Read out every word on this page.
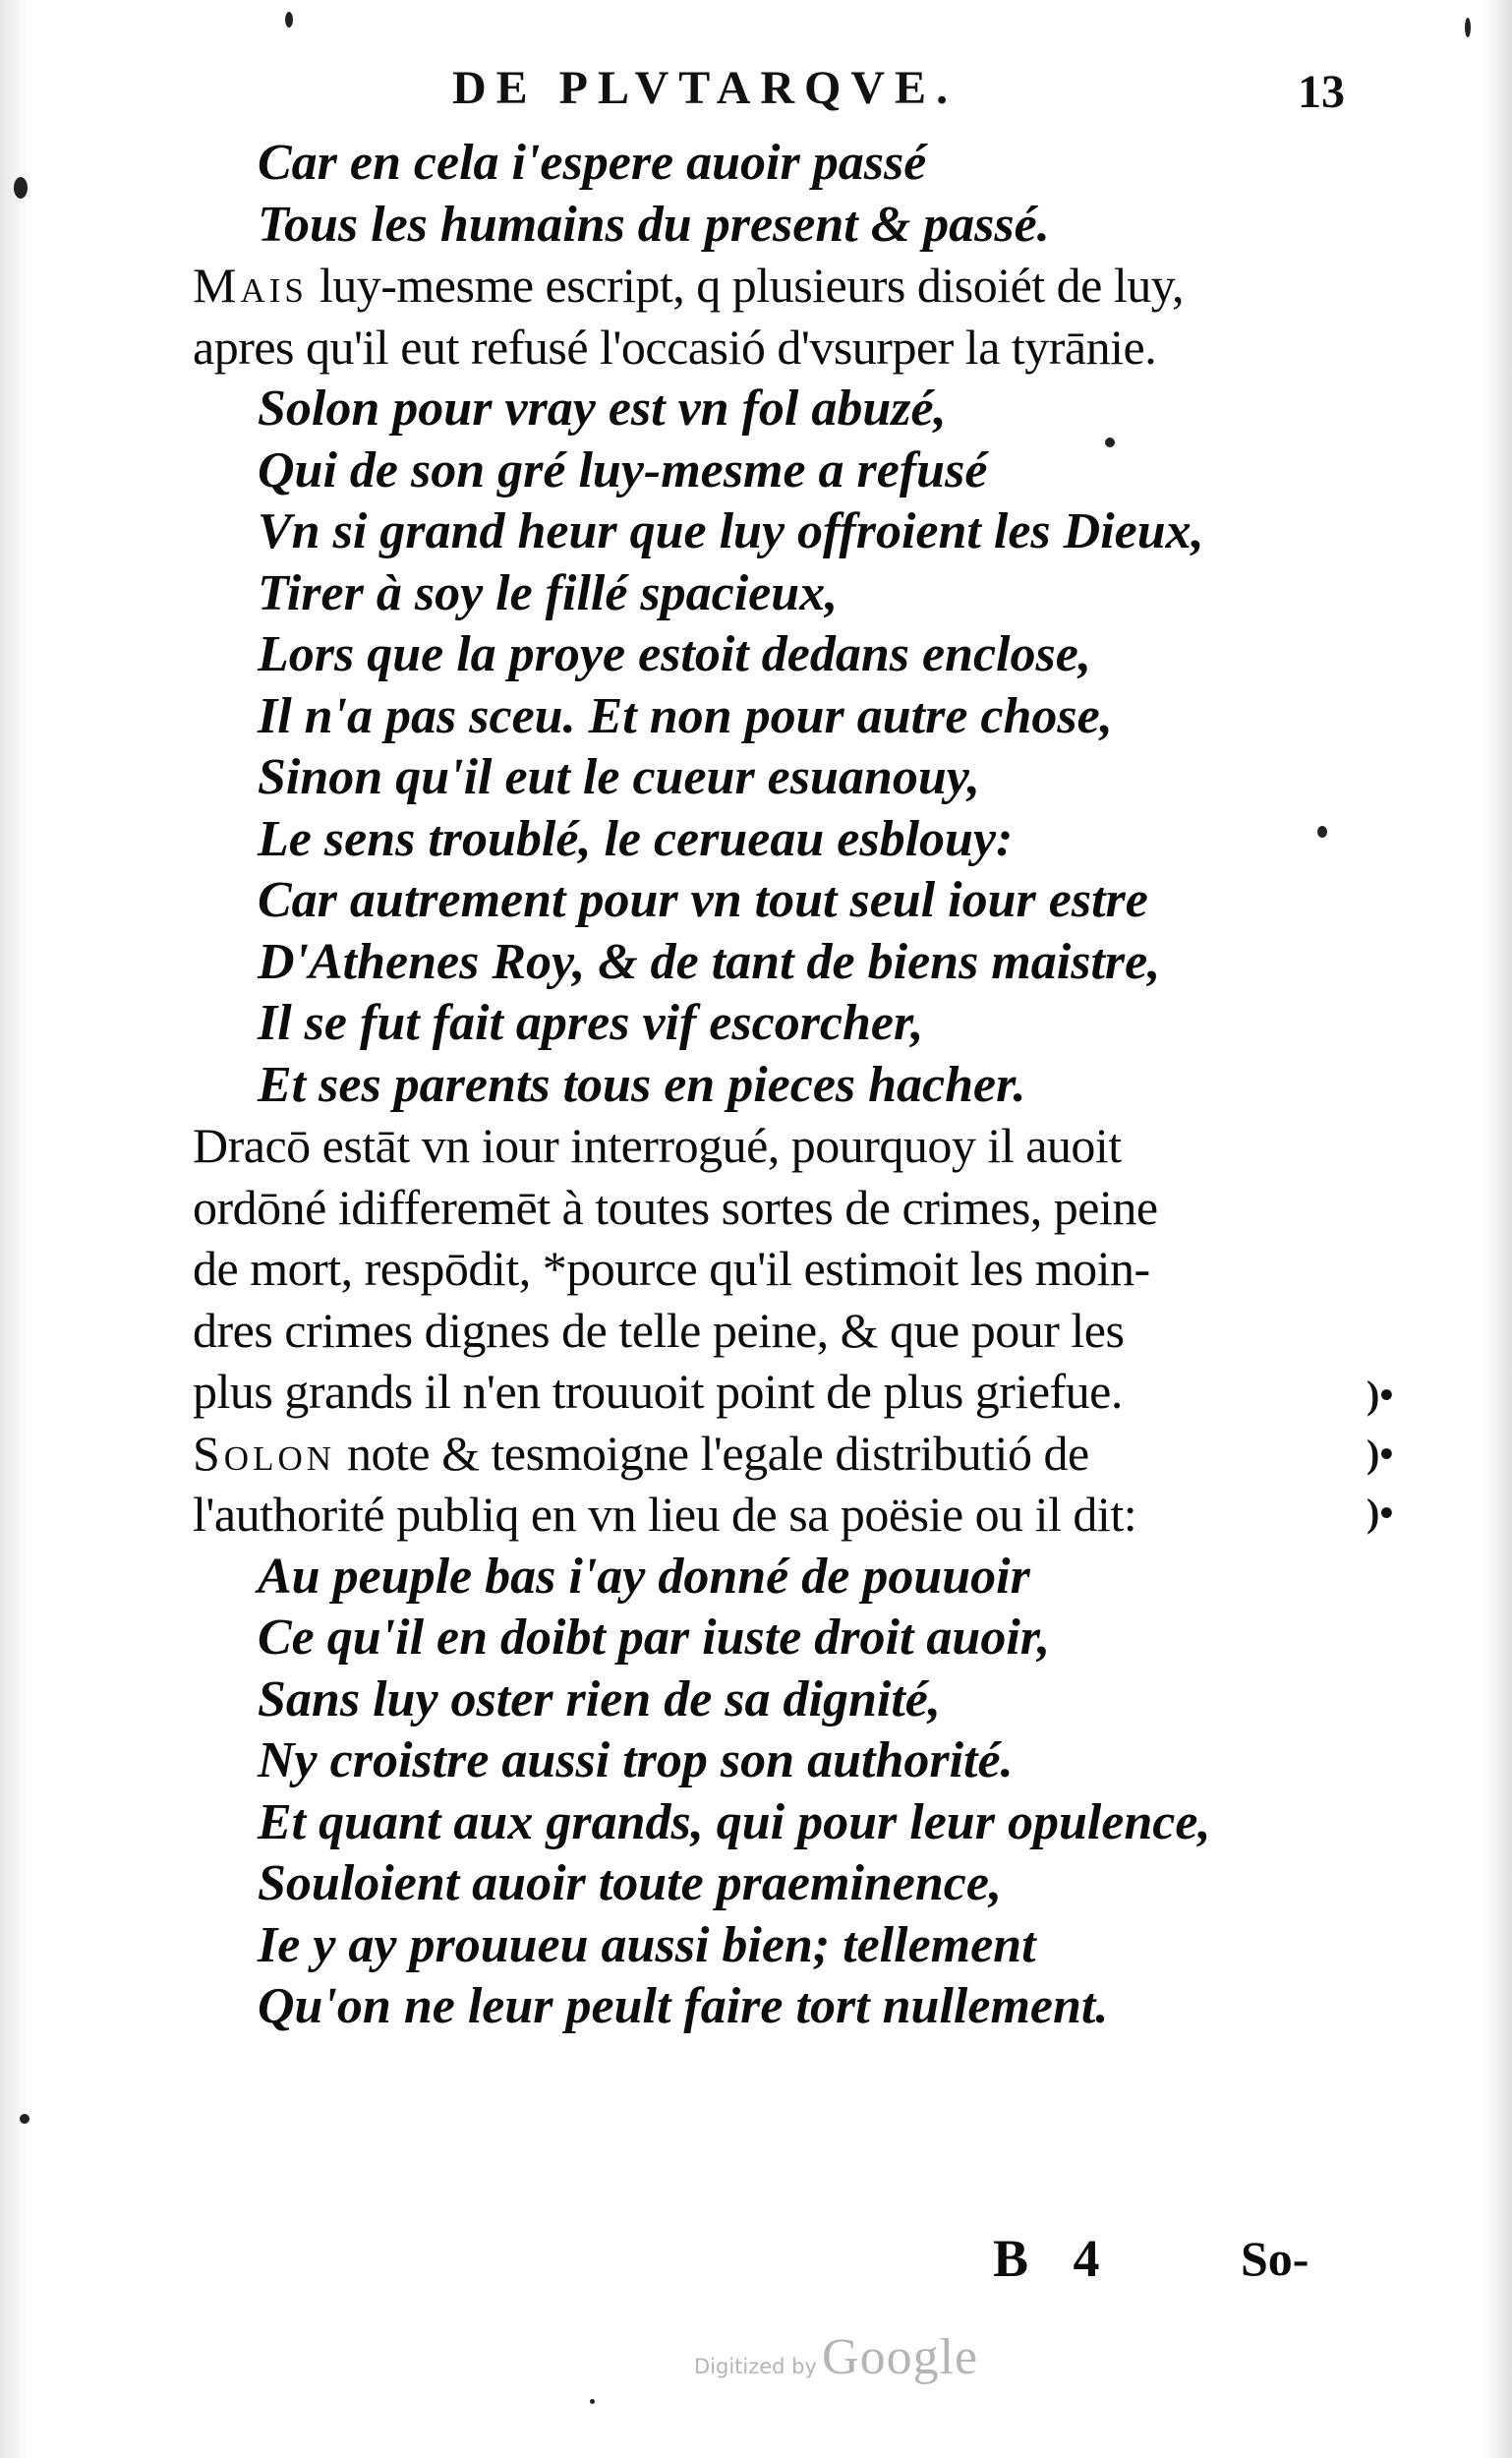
DE PLVTARQVE.	13
Car en cela i'espere auoir passé
Tous les humains du present & passé.
Mais luy-mesme escript, q plusieurs disoiét de luy,
apres qu'il eut refusé l'occasió d'vsurper la tyrānie.
Solon pour vray est vn fol abuzé,
Qui de son gré luy-mesme a refusé
Vn si grand heur que luy offroient les Dieux,
Tirer à soy le fillé spacieux,
Lors que la proye estoit dedans enclose,
Il n'a pas sceu. Et non pour autre chose,
Sinon qu'il eut le cueur esuanouy,
Le sens troublé, le cerueau esblouy:
Car autrement pour vn tout seul iour estre
D'Athenes Roy, & de tant de biens maistre,
Il se fut fait apres vif escorcher,
Et ses parents tous en pieces hacher.
Dracō estāt vn iour interrogué, pourquoy il auoit
ordōné idifferemēt à toutes sortes de crimes, peine
de mort, respōdit, *pource qu'il estimoit les moin-
dres crimes dignes de telle peine, & que pour les
plus grands il n'en trouuoit point de plus griefue.
Solon note & tesmoigne l'egale distributió de
l'authorité publiq en vn lieu de sa poësie ou il dit:
Au peuple bas i'ay donné de pouuoir
Ce qu'il en doibt par iuste droit auoir,
Sans luy oster rien de sa dignité,
Ny croistre aussi trop son authorité.
Et quant aux grands, qui pour leur opulence,
Souloient auoir toute praeminence,
Ie y ay prouueu aussi bien; tellement
Qu'on ne leur peult faire tort nullement.
)•
)•
)•
B 4	So-
Digitized by Google
